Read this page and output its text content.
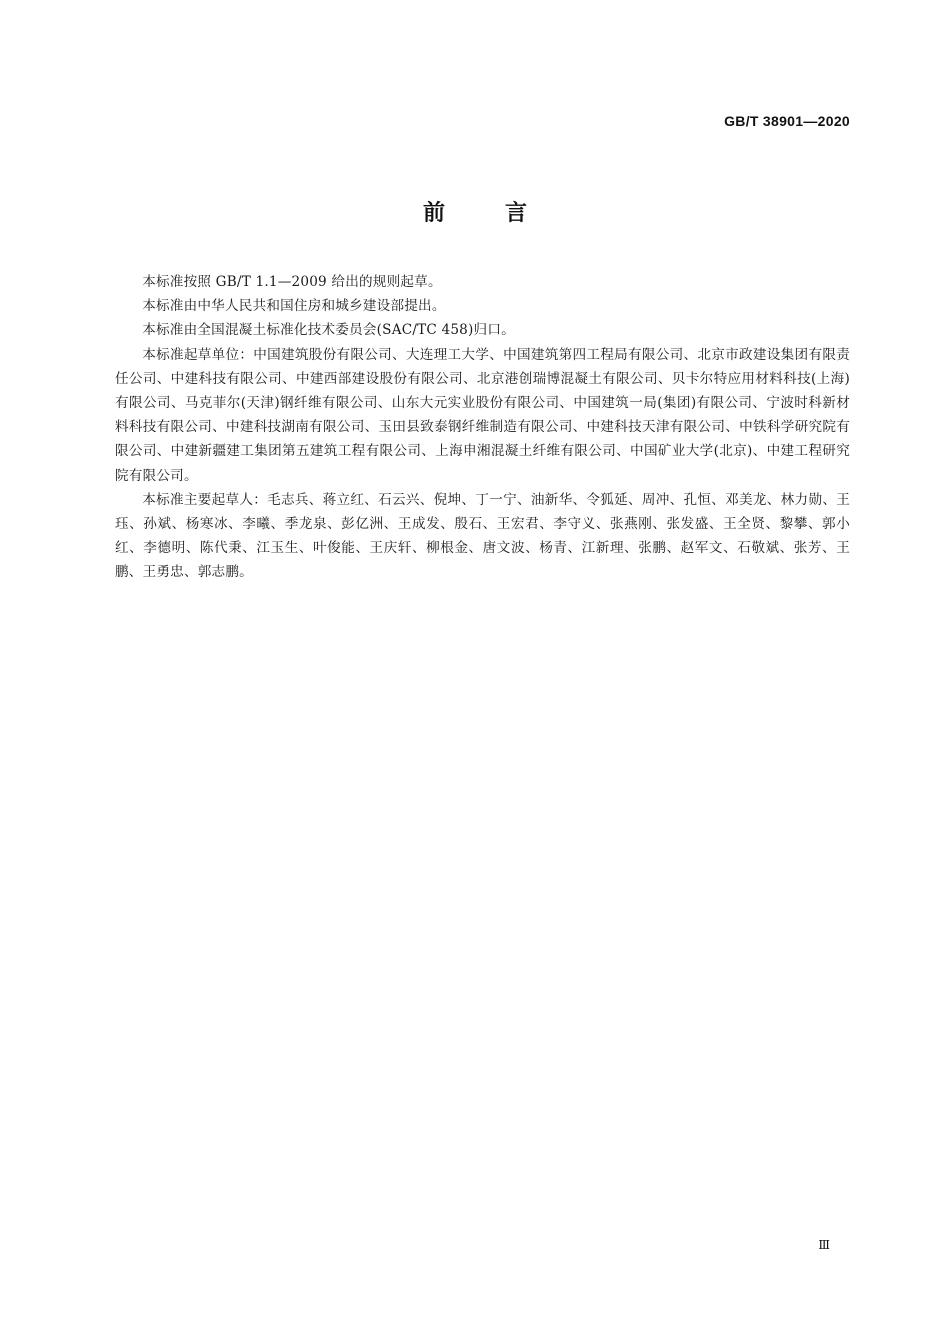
GB/T 38901—2020
前言

本标准按照 GB/T 1.1—2009 给出的规则起草。

本标准由中华人民共和国住房和城乡建设部提出。

本标准由全国混凝土标准化技术委员会(SAC/TC 458)归口。

本标准起草单位：中国建筑股份有限公司、大连理工大学、中国建筑第四工程局有限公司、北京市政建设集团有限责任公司、中建科技有限公司、中建西部建设股份有限公司、北京港创瑞博混凝土有限公司、贝卡尔特应用材料科技(上海)有限公司、马克菲尔(天津)钢纤维有限公司、山东大元实业股份有限公司、中国建筑一局(集团)有限公司、宁波时科新材料科技有限公司、中建科技湖南有限公司、玉田县致泰钢纤维制造有限公司、中建科技天津有限公司、中铁科学研究院有限公司、中建新疆建工集团第五建筑工程有限公司、上海申湘混凝土纤维有限公司、中国矿业大学(北京)、中建工程研究院有限公司。

本标准主要起草人：毛志兵、蒋立红、石云兴、倪坤、丁一宁、油新华、令狐延、周冲、孔恒、邓美龙、林力勋、王珏、孙斌、杨寒冰、李曦、季龙泉、彭亿洲、王成发、殷石、王宏君、李守义、张燕刚、张发盛、王全贤、黎攀、郭小红、李德明、陈代秉、江玉生、叶俊能、王庆轩、柳根金、唐文波、杨青、江新理、张鹏、赵军文、石敬斌、张芳、王鹏、王勇忠、郭志鹏。

Ⅲ
